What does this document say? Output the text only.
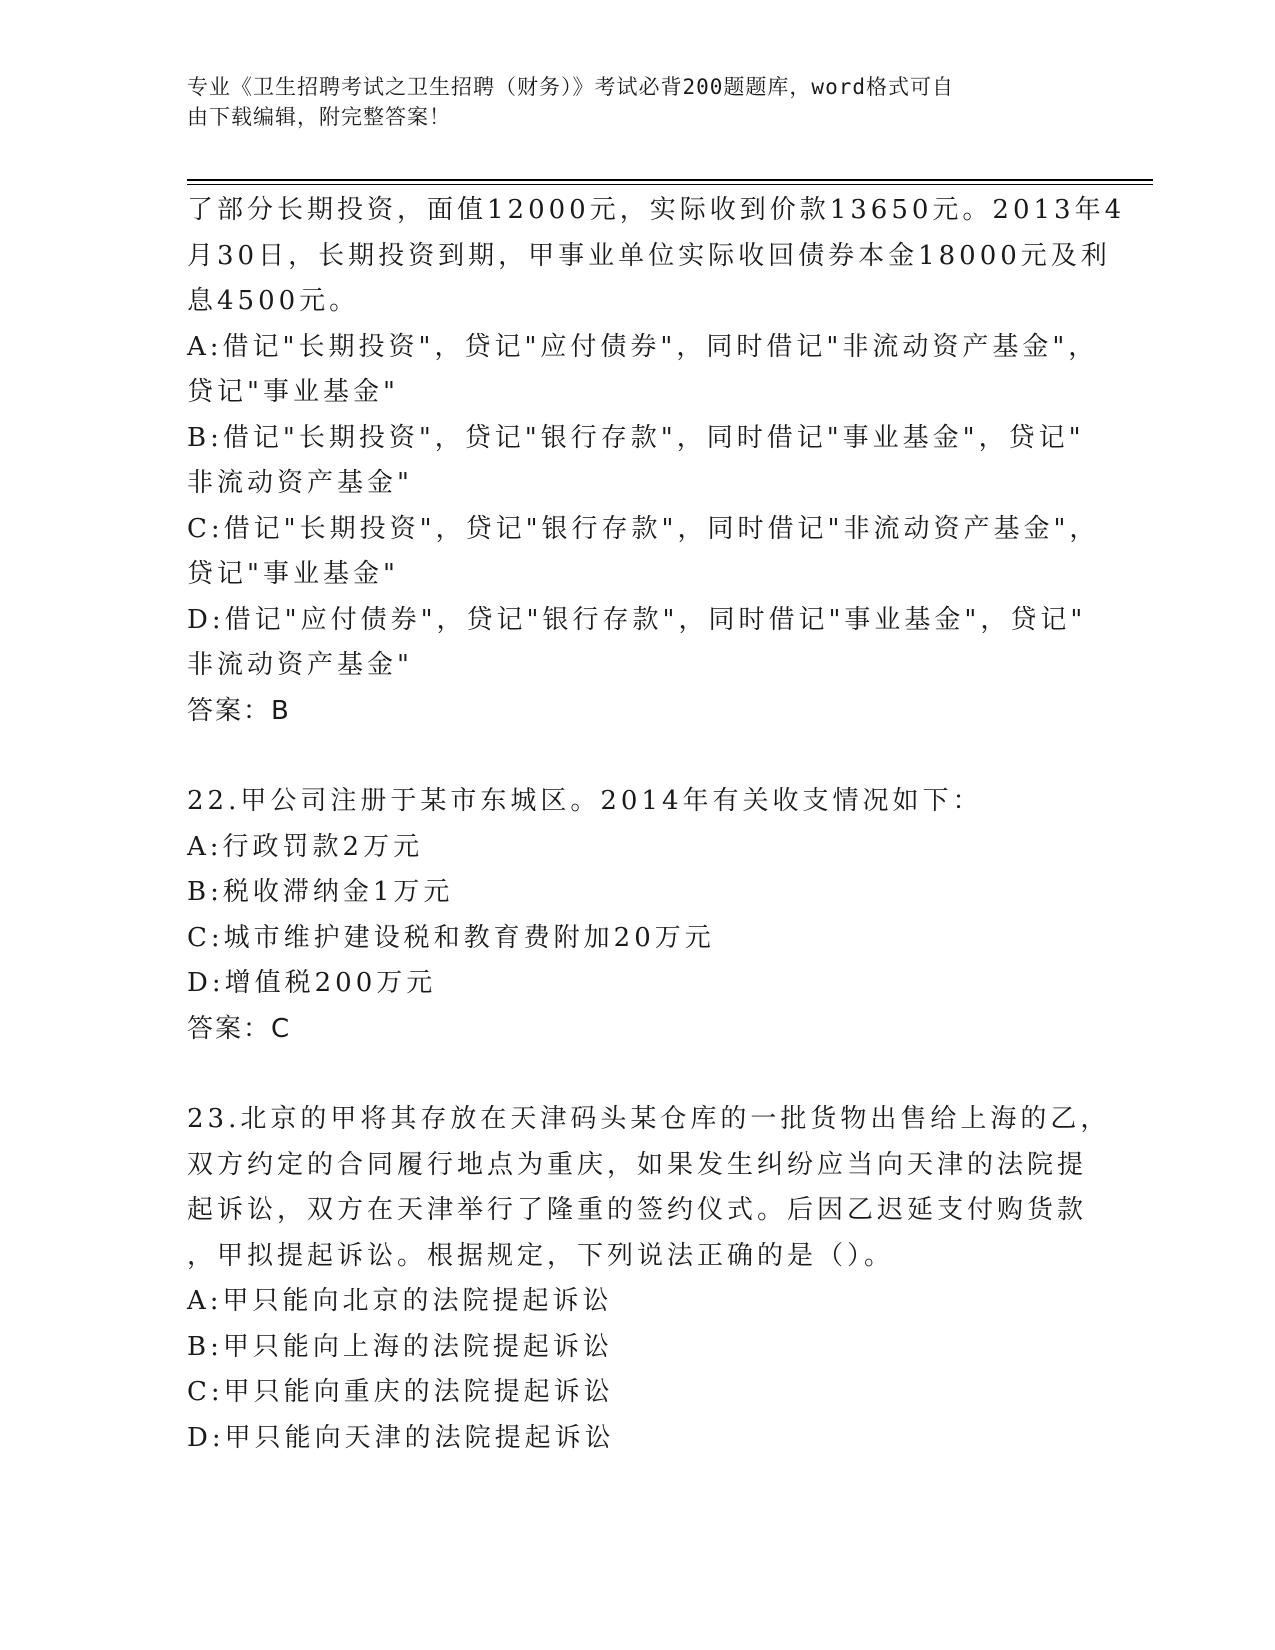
专业《卫生招聘考试之卫生招聘（财务）》考试必背200题题库，word格式可自
由下载编辑，附完整答案！
了部分长期投资，面值12000元，实际收到价款13650元。2013年4
月30日，长期投资到期，甲事业单位实际收回债券本金18000元及利
息4500元。
A:借记"长期投资"，贷记"应付债券"，同时借记"非流动资产基金"，
贷记"事业基金"
B:借记"长期投资"，贷记"银行存款"，同时借记"事业基金"，贷记"
非流动资产基金"
C:借记"长期投资"，贷记"银行存款"，同时借记"非流动资产基金"，
贷记"事业基金"
D:借记"应付债券"，贷记"银行存款"，同时借记"事业基金"，贷记"
非流动资产基金"
答案：B
22.甲公司注册于某市东城区。2014年有关收支情况如下：
A:行政罚款2万元
B:税收滞纳金1万元
C:城市维护建设税和教育费附加20万元
D:增值税200万元
答案：C
23.北京的甲将其存放在天津码头某仓库的一批货物出售给上海的乙，
双方约定的合同履行地点为重庆，如果发生纠纷应当向天津的法院提
起诉讼，双方在天津举行了隆重的签约仪式。后因乙迟延支付购货款
，甲拟提起诉讼。根据规定，下列说法正确的是（）。
A:甲只能向北京的法院提起诉讼
B:甲只能向上海的法院提起诉讼
C:甲只能向重庆的法院提起诉讼
D:甲只能向天津的法院提起诉讼
